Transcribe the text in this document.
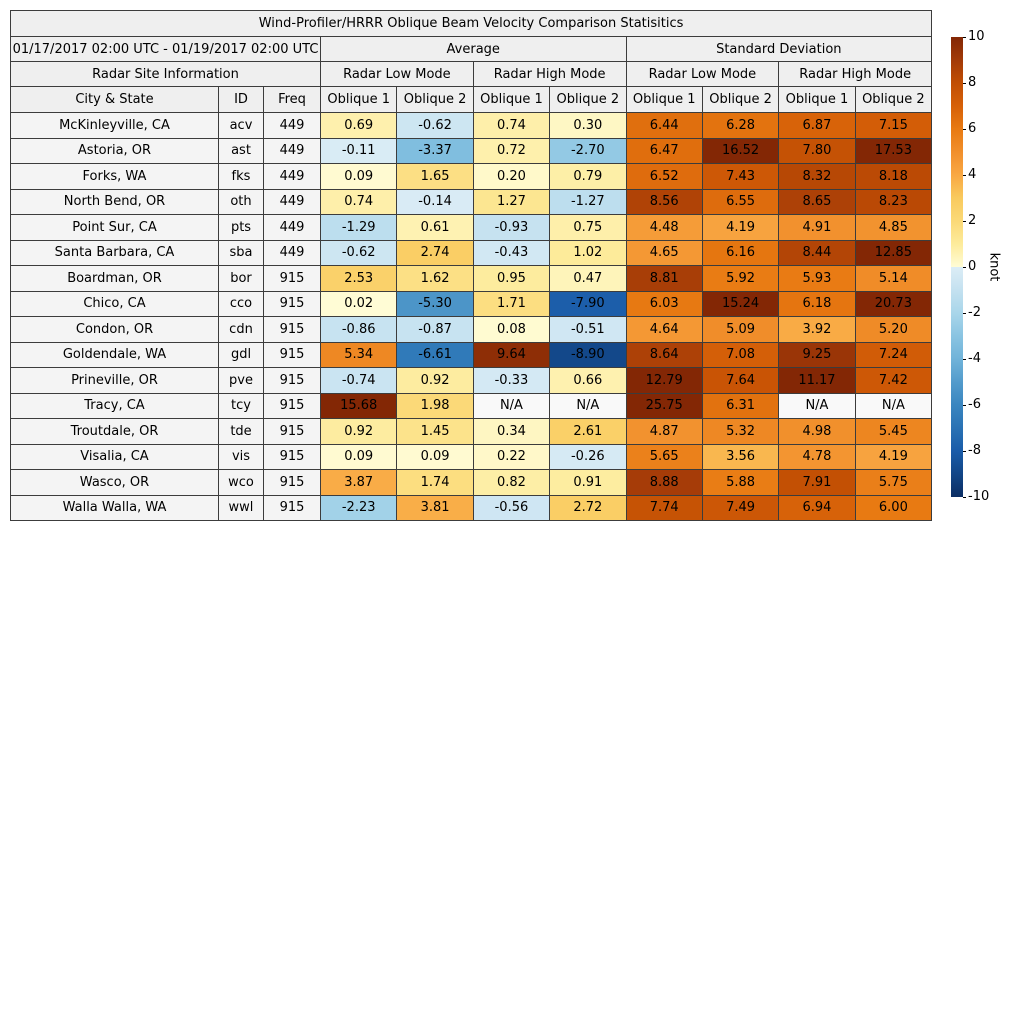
Wind-Profiler/HRRR Oblique Beam Velocity Comparison Statisitics										
01/17/2017 02:00 UTC - 01/19/2017 02:00 UTC			Average				Standard Deviation			
Radar Site Information			Radar Low Mode		Radar High Mode		Radar Low Mode		Radar High Mode	
City & State	ID	Freq	Oblique 1	Oblique 2	Oblique 1	Oblique 2	Oblique 1	Oblique 2	Oblique 1	Oblique 2
McKinleyville, CA	acv	449	0.69	-0.62	0.74	0.30	6.44	6.28	6.87	7.15
Astoria, OR	ast	449	-0.11	-3.37	0.72	-2.70	6.47	16.52	7.80	17.53
Forks, WA	fks	449	0.09	1.65	0.20	0.79	6.52	7.43	8.32	8.18
North Bend, OR	oth	449	0.74	-0.14	1.27	-1.27	8.56	6.55	8.65	8.23
Point Sur, CA	pts	449	-1.29	0.61	-0.93	0.75	4.48	4.19	4.91	4.85
Santa Barbara, CA	sba	449	-0.62	2.74	-0.43	1.02	4.65	6.16	8.44	12.85
Boardman, OR	bor	915	2.53	1.62	0.95	0.47	8.81	5.92	5.93	5.14
Chico, CA	cco	915	0.02	-5.30	1.71	-7.90	6.03	15.24	6.18	20.73
Condon, OR	cdn	915	-0.86	-0.87	0.08	-0.51	4.64	5.09	3.92	5.20
Goldendale, WA	gdl	915	5.34	-6.61	9.64	-8.90	8.64	7.08	9.25	7.24
Prineville, OR	pve	915	-0.74	0.92	-0.33	0.66	12.79	7.64	11.17	7.42
Tracy, CA	tcy	915	15.68	1.98	N/A	N/A	25.75	6.31	N/A	N/A
Troutdale, OR	tde	915	0.92	1.45	0.34	2.61	4.87	5.32	4.98	5.45
Visalia, CA	vis	915	0.09	0.09	0.22	-0.26	5.65	3.56	4.78	4.19
Wasco, OR	wco	915	3.87	1.74	0.82	0.91	8.88	5.88	7.91	5.75
Walla Walla, WA	wwl	915	-2.23	3.81	-0.56	2.72	7.74	7.49	6.94	6.00
10
8
6
4
2
0
-2
-4
-6
-8
-10
knot
